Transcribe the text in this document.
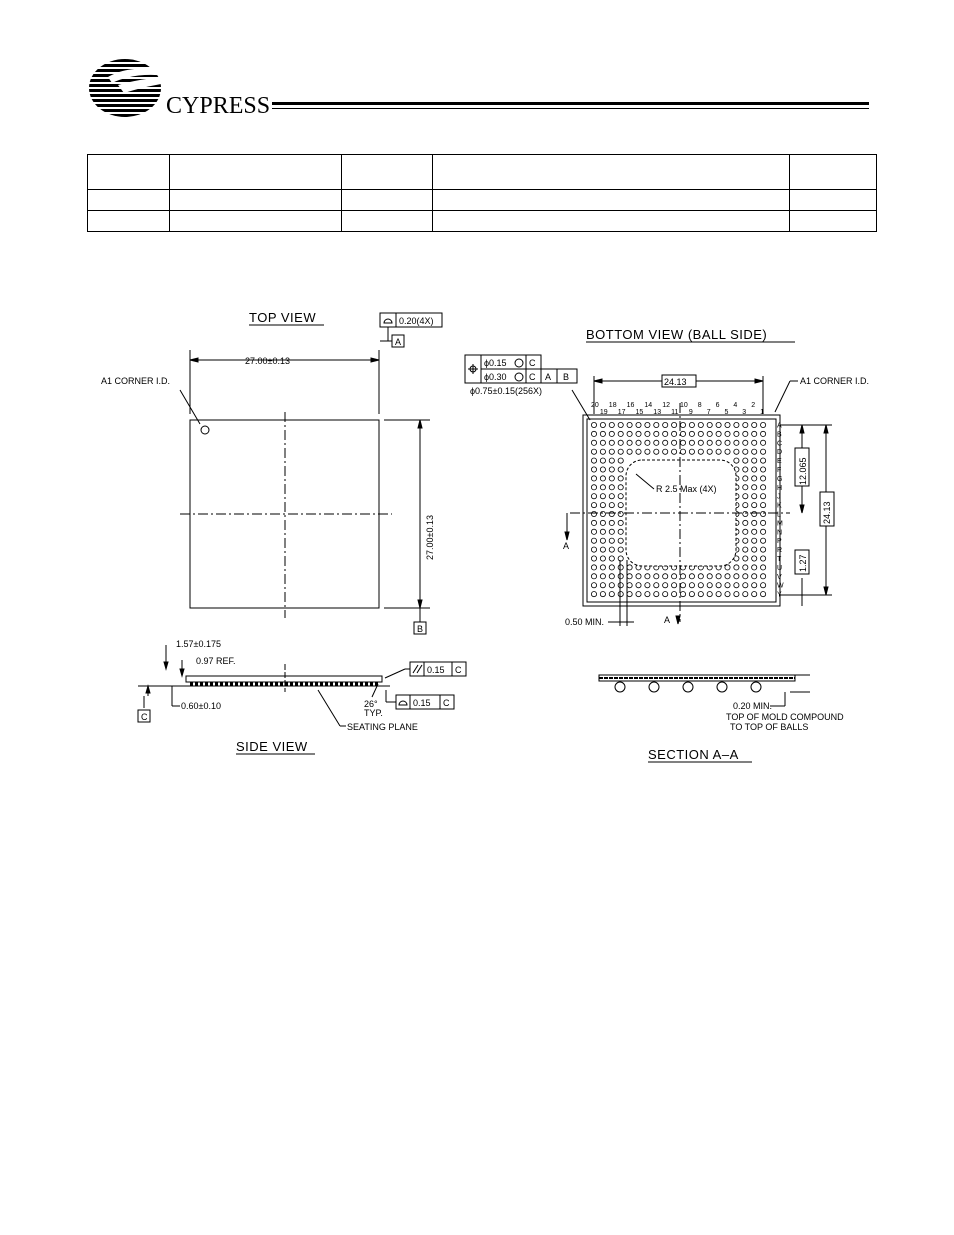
CYPRESS

TOP VIEW	0.20(4X)
A
27.00±0.13
A1 CORNER I.D.
27.00±0.13
B
1.57±0.175
0.97 REF.
0.60±0.10
C
0.15 C
0.15 C
26°
TYP.
SEATING PLANE
SIDE VIEW
BOTTOM VIEW (BALL SIDE)
ϕ0.15 C
ϕ0.30 C A B
ϕ0.75±0.15(256X)
24.13	A1 CORNER I.D.
20 18 16 14 12 10 8 6 4 2
19 17 15 13 11 9 7 5 3 1
A
B
C
D
E
F
G
H
J
K
L
M
N
P
R
T
U
V
W
Y
R 2.5 Max (4X)
A
A
0.50 MIN.
24.13
12.065
1.27
0.20 MIN.
TOP OF MOLD COMPOUND
TO TOP OF BALLS
SECTION A–A
